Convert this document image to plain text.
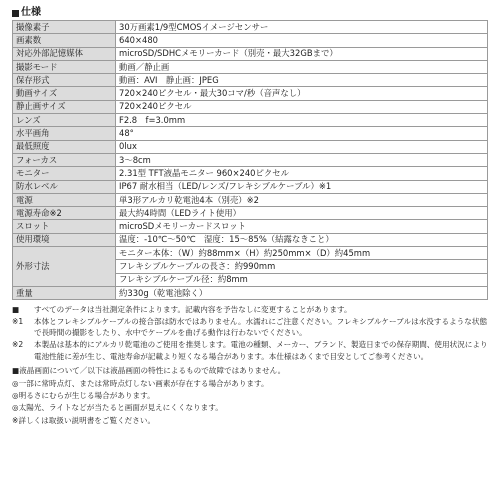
仕様
撮像素子	30万画素1/9型CMOSイメージセンサー
画素数	640×480
対応外部記憶媒体	microSD/SDHCメモリーカード（別売・最大32GBまで）
撮影モード	動画／静止画
保存形式	動画：AVI　静止画：JPEG
動画サイズ	720×240ピクセル・最大30コマ/秒（音声なし）
静止画サイズ	720×240ピクセル
レンズ	F2.8　f=3.0mm
水平画角	48°
最低照度	0lux
フォーカス	3～8cm
モニター	2.31型 TFT液晶モニター 960×240ピクセル
防水レベル	IP67 耐水相当（LED/レンズ/フレキシブルケーブル）※1
電源	単3形アルカリ乾電池4本（別売）※2
電源寿命※2	最大約4時間（LEDライト使用）
スロット	microSDメモリーカードスロット
使用環境	温度：-10℃～50℃　湿度：15～85%（結露なきこと）
外形寸法	モニター本体：（W）約88mm×（H）約250mm×（D）約45mm
	フレキシブルケーブルの長さ：約990mm
	フレキシブルケーブル径：約8mm
重量	約330g（乾電池除く）
■	すべてのデータは当社測定条件によります。記載内容を予告なしに変更することがあります。
※1	本体とフレキシブルケーブルの接合部は防水ではありません。水濡れにご注意ください。フレキシブルケーブルは水没するような状態で長時間の撮影をしたり、水中でケーブルを曲げる動作は行わないでください。
※2	本製品は基本的にアルカリ乾電池のご使用を推奨します。電池の種類、メーカー、ブランド、製造日までの保存期間、使用状況により電池性能に差が生じ、電池寿命が記載より短くなる場合があります。本仕様はあくまで目安としてご参考ください。
■液晶画面について／以下は液晶画面の特性によるもので故障ではありません。
◎一部に常時点灯、または常時点灯しない画素が存在する場合があります。
◎明るさにむらが生じる場合があります。
◎太陽光、ライトなどが当たると画面が見えにくくなります。
※詳しくは取扱い説明書をご覧ください。
